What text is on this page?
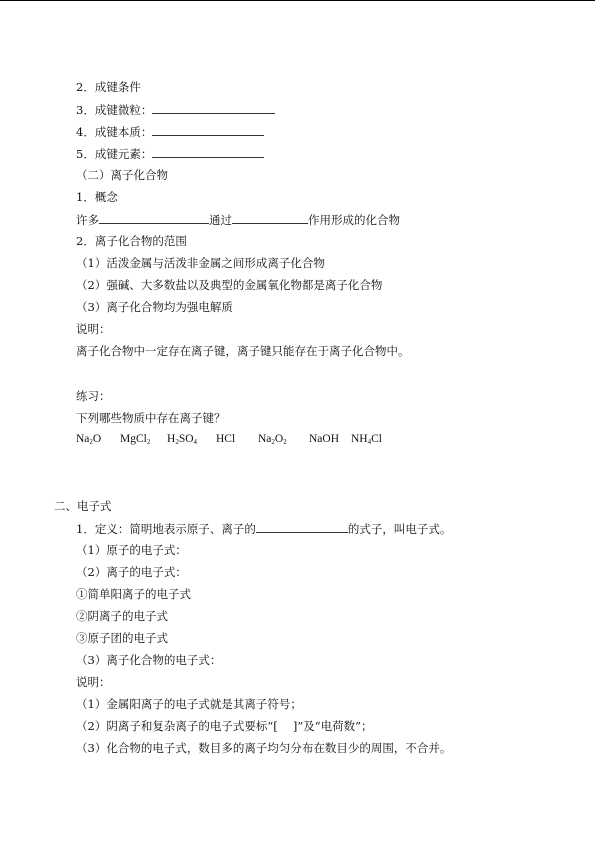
2．成键条件
3．成键微粒：
4．成键本质：
5．成键元素：
（二）离子化合物
1．概念
许多	通过	作用形成的化合物
2．离子化合物的范围
（1）活泼金属与活泼非金属之间形成离子化合物
（2）强碱、大多数盐以及典型的金属氧化物都是离子化合物
（3）离子化合物均为强电解质
说明：
离子化合物中一定存在离子键，离子键只能存在于离子化合物中。
练习：
下列哪些物质中存在离子键？
$Na_2O$ MgCl$_2$ $H_2SO_4$ HCl $Na_2O_2$ NaOH $NH_4Cl$
二、电子式
1．定义：简明地表示原子、离子的	的式子，叫电子式。
（1）原子的电子式：
（2）离子的电子式：
①简单阳离子的电子式
②阴离子的电子式
③原子团的电子式
（3）离子化合物的电子式：
说明：
（1）金属阳离子的电子式就是其离子符号；
（2）阴离子和复杂离子的电子式要标“[　 ]”及“电荷数”；
（3）化合物的电子式，数目多的离子均匀分布在数目少的周围，不合并。
